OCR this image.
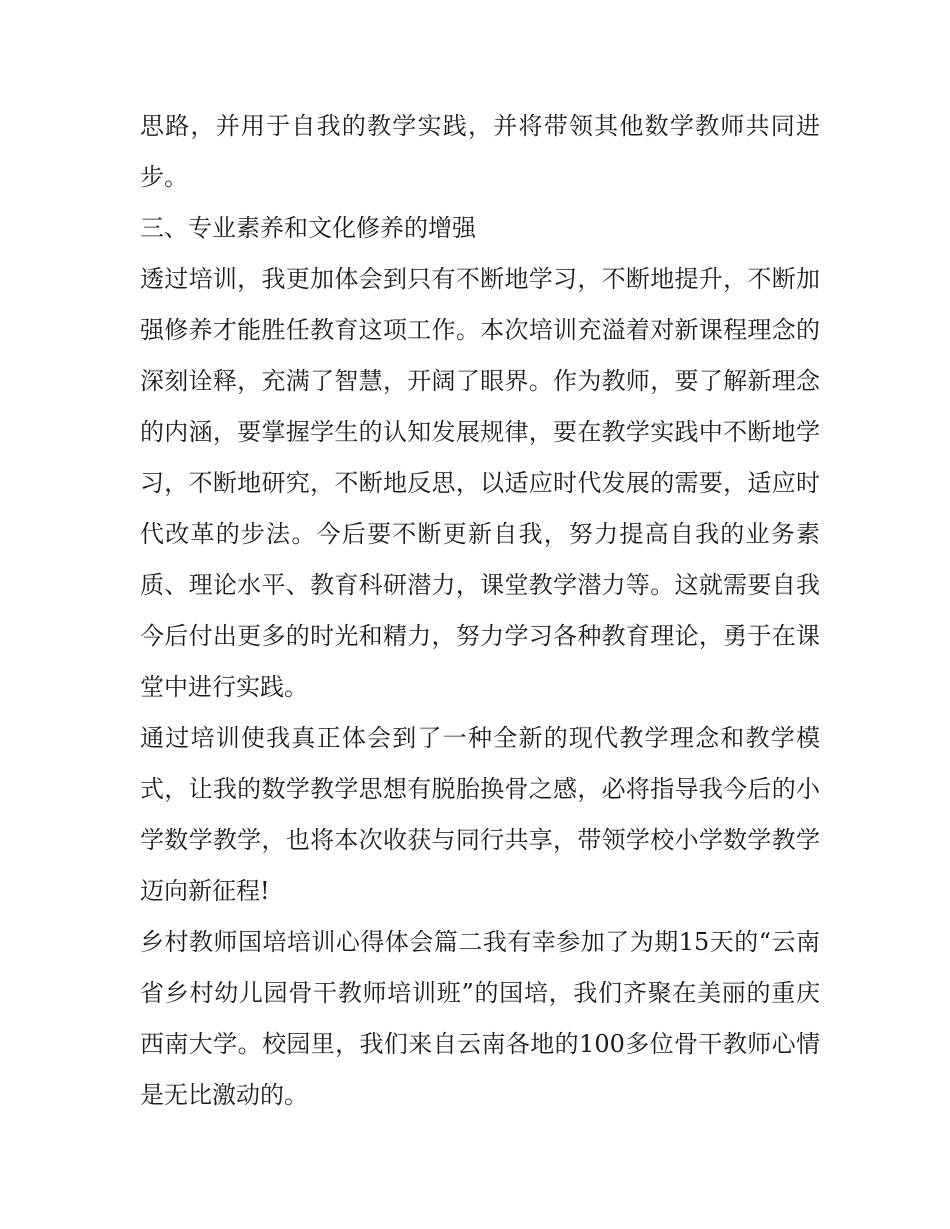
思路，并用于自我的教学实践，并将带领其他数学教师共同进步。

三、专业素养和文化修养的增强

透过培训，我更加体会到只有不断地学习，不断地提升，不断加强修养才能胜任教育这项工作。本次培训充溢着对新课程理念的深刻诠释，充满了智慧，开阔了眼界。作为教师，要了解新理念的内涵，要掌握学生的认知发展规律，要在教学实践中不断地学习，不断地研究，不断地反思，以适应时代发展的需要，适应时代改革的步法。今后要不断更新自我，努力提高自我的业务素质、理论水平、教育科研潜力，课堂教学潜力等。这就需要自我今后付出更多的时光和精力，努力学习各种教育理论，勇于在课堂中进行实践。

通过培训使我真正体会到了一种全新的现代教学理念和教学模式，让我的数学教学思想有脱胎换骨之感，必将指导我今后的小学数学教学，也将本次收获与同行共享，带领学校小学数学教学迈向新征程!

乡村教师国培培训心得体会篇二我有幸参加了为期15天的“云南省乡村幼儿园骨干教师培训班”的国培，我们齐聚在美丽的重庆西南大学。校园里，我们来自云南各地的100多位骨干教师心情是无比激动的。
